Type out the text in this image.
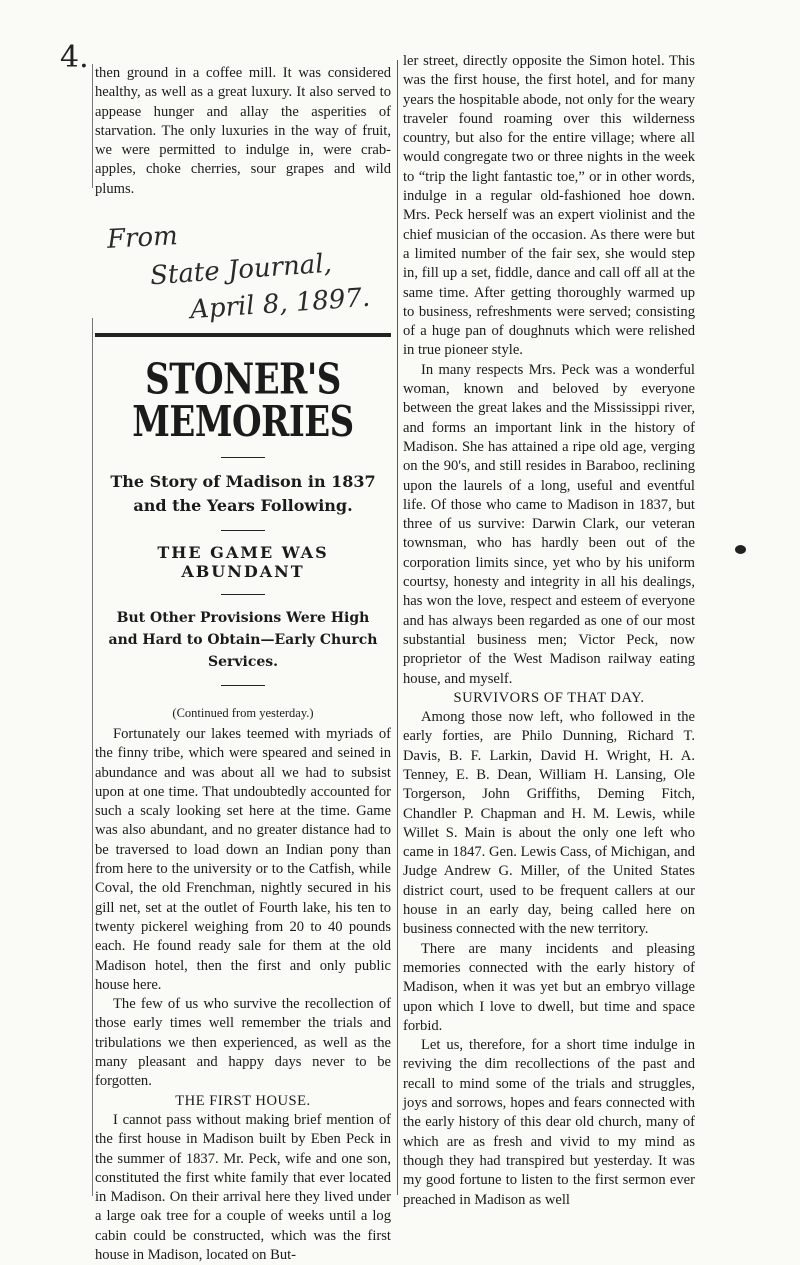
4. then ground in a coffee mill. It was considered healthy, as well as a great luxury. It also served to appease hunger and allay the asperities of starvation. The only luxuries in the way of fruit, we were permitted to indulge in, were crab-apples, choke cherries, sour grapes and wild plums.

From
State Journal,
April 8, 1897.
STONER'S MEMORIES
The Story of Madison in 1837 and the Years Following.
THE GAME WAS ABUNDANT
But Other Provisions Were High and Hard to Obtain—Early Church Services.
(Continued from yesterday.)

Fortunately our lakes teemed with myriads of the finny tribe, which were speared and seined in abundance and was about all we had to subsist upon at one time. That undoubtedly accounted for such a scaly looking set here at the time. Game was also abundant, and no greater distance had to be traversed to load down an Indian pony than from here to the university or to the Catfish, while Coval, the old Frenchman, nightly secured in his gill net, set at the outlet of Fourth lake, his ten to twenty pickerel weighing from 20 to 40 pounds each. He found ready sale for them at the old Madison hotel, then the first and only public house here.

The few of us who survive the recollection of those early times well remember the trials and tribulations we then experienced, as well as the many pleasant and happy days never to be forgotten.

THE FIRST HOUSE.

I cannot pass without making brief mention of the first house in Madison built by Eben Peck in the summer of 1837. Mr. Peck, wife and one son, constituted the first white family that ever located in Madison. On their arrival here they lived under a large oak tree for a couple of weeks until a log cabin could be constructed, which was the first house in Madison, located on But-

ler street, directly opposite the Simon hotel. This was the first house, the first hotel, and for many years the hospitable abode, not only for the weary traveler found roaming over this wilderness country, but also for the entire village; where all would congregate two or three nights in the week to “trip the light fantastic toe,” or in other words, indulge in a regular old-fashioned hoe down. Mrs. Peck herself was an expert violinist and the chief musician of the occasion. As there were but a limited number of the fair sex, she would step in, fill up a set, fiddle, dance and call off all at the same time. After getting thoroughly warmed up to business, refreshments were served; consisting of a huge pan of doughnuts which were relished in true pioneer style.

In many respects Mrs. Peck was a wonderful woman, known and beloved by everyone between the great lakes and the Mississippi river, and forms an important link in the history of Madison. She has attained a ripe old age, verging on the 90's, and still resides in Baraboo, reclining upon the laurels of a long, useful and eventful life. Of those who came to Madison in 1837, but three of us survive: Darwin Clark, our veteran townsman, who has hardly been out of the corporation limits since, yet who by his uniform courtsy, honesty and integrity in all his dealings, has won the love, respect and esteem of everyone and has always been regarded as one of our most substantial business men; Victor Peck, now proprietor of the West Madison railway eating house, and myself.

SURVIVORS OF THAT DAY.

Among those now left, who followed in the early forties, are Philo Dunning, Richard T. Davis, B. F. Larkin, David H. Wright, H. A. Tenney, E. B. Dean, William H. Lansing, Ole Torgerson, John Griffiths, Deming Fitch, Chandler P. Chapman and H. M. Lewis, while Willet S. Main is about the only one left who came in 1847. Gen. Lewis Cass, of Michigan, and Judge Andrew G. Miller, of the United States district court, used to be frequent callers at our house in an early day, being called here on business connected with the new territory.

There are many incidents and pleasing memories connected with the early history of Madison, when it was yet but an embryo village upon which I love to dwell, but time and space forbid.

Let us, therefore, for a short time indulge in reviving the dim recollections of the past and recall to mind some of the trials and struggles, joys and sorrows, hopes and fears connected with the early history of this dear old church, many of which are as fresh and vivid to my mind as though they had transpired but yesterday. It was my good fortune to listen to the first sermon ever preached in Madison as well
